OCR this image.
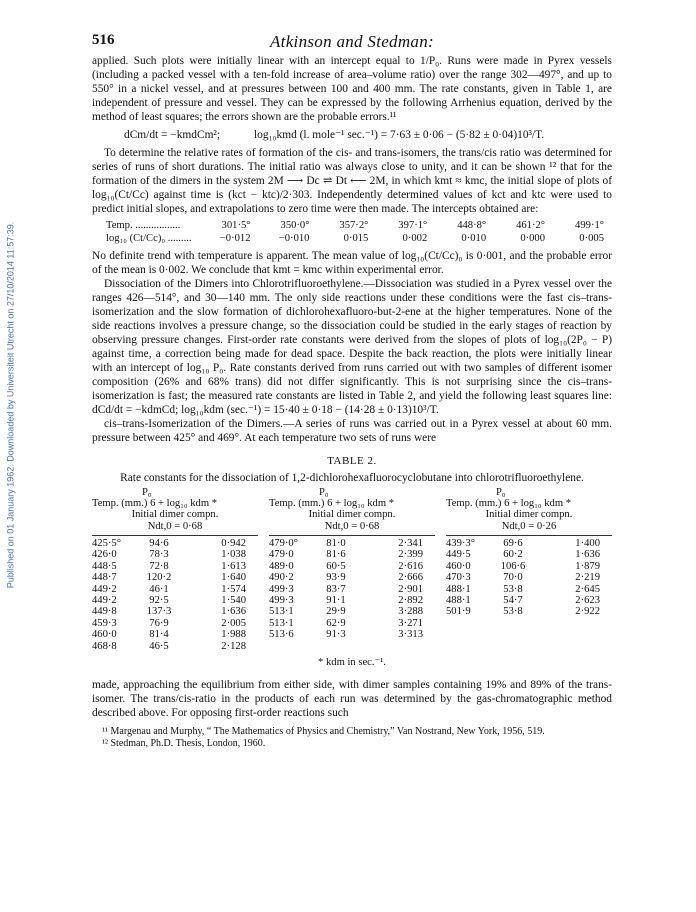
Published on 01 January 1962. Downloaded by Universiteit Utrecht on 27/10/2014 11:57:39.
516	Atkinson and Stedman:

applied. Such plots were initially linear with an intercept equal to 1/P₀. Runs were made in Pyrex vessels (including a packed vessel with a ten-fold increase of area–volume ratio) over the range 302—497°, and up to 550° in a nickel vessel, and at pressures between 100 and 400 mm. The rate constants, given in Table 1, are independent of pressure and vessel. They can be expressed by the following Arrhenius equation, derived by the method of least squares; the errors shown are the probable errors.¹¹

dCm/dt = −kmdCm²;	log₁₀kmd (l. mole⁻¹ sec.⁻¹) = 7·63 ± 0·06 − (5·82 ± 0·04)10³/T.

To determine the relative rates of formation of the cis- and trans-isomers, the trans/cis ratio was determined for series of runs of short durations. The initial ratio was always close to unity, and it can be shown ¹² that for the formation of the dimers in the system 2M ⟶ Dc ⇌ Dt ⟵ 2M, in which kmt ≈ kmc, the initial slope of plots of log₁₀(Ct/Cc) against time is (kct − ktc)/2·303. Independently determined values of kct and ktc were used to predict initial slopes, and extrapolations to zero time were then made. The intercepts obtained are:

Temp. .................	301·5°	350·0°	357·2°	397·1°	448·8°	461·2°	499·1°
log₁₀ (Ct/Cc)₀ .........	−0·012	−0·010	0·015	0·002	0·010	0·000	0·005

No definite trend with temperature is apparent. The mean value of log₁₀(Ct/Cc)₀ is 0·001, and the probable error of the mean is 0·002. We conclude that kmt = kmc within experimental error.

Dissociation of the Dimers into Chlorotrifluoroethylene.—Dissociation was studied in a Pyrex vessel over the ranges 426—514°, and 30—140 mm. The only side reactions under these conditions were the fast cis–trans-isomerization and the slow formation of dichlorohexafluoro-but-2-ene at the higher temperatures. None of the side reactions involves a pressure change, so the dissociation could be studied in the early stages of reaction by observing pressure changes. First-order rate constants were derived from the slopes of plots of log₁₀(2P₀ − P) against time, a correction being made for dead space. Despite the back reaction, the plots were initially linear with an intercept of log₁₀ P₀. Rate constants derived from runs carried out with two samples of different isomer composition (26% and 68% trans) did not differ significantly. This is not surprising since the cis–trans-isomerization is fast; the measured rate constants are listed in Table 2, and yield the following least squares line: dCd/dt = −kdmCd; log₁₀kdm (sec.⁻¹) = 15·40 ± 0·18 − (14·28 ± 0·13)10³/T.

cis–trans-Isomerization of the Dimers.—A series of runs was carried out in a Pyrex vessel at about 60 mm. pressure between 425° and 469°. At each temperature two sets of runs were

TABLE 2.
Rate constants for the dissociation of 1,2-dichlorohexafluorocyclobutane into chlorotrifluoroethylene.
P₀
Temp. (mm.) 6 + log₁₀ kdm *
Initial dimer compn.
Ndt,0 = 0·68
425·5°	94·6	0·942
426·0	78·3	1·038
448·5	72·8	1·613
448·7	120·2	1·640
449·2	46·1	1·574
449·2	92·5	1·540
449·8	137·3	1·636
459·3	76·9	2·005
460·0	81·4	1·988
468·8	46·5	2·128
P₀
Temp. (mm.) 6 + log₁₀ kdm *
Initial dimer compn.
Ndt,0 = 0·68
479·0°	81·0	2·341
479·0	81·6	2·399
489·0	60·5	2·616
490·2	93·9	2·666
499·3	83·7	2·901
499·3	91·1	2·892
513·1	29·9	3·288
513·1	62·9	3·271
513·6	91·3	3·313
P₀
Temp. (mm.) 6 + log₁₀ kdm *
Initial dimer compn.
Ndt,0 = 0·26
439·3°	69·6	1·400
449·5	60·2	1·636
460·0	106·6	1·879
470·3	70·0	2·219
488·1	53·8	2·645
488·1	54·7	2·623
501·9	53·8	2·922
* kdm in sec.⁻¹.

made, approaching the equilibrium from either side, with dimer samples containing 19% and 89% of the trans-isomer. The trans/cis-ratio in the products of each run was determined by the gas-chromatographic method described above. For opposing first-order reactions such

¹¹ Margenau and Murphy, “ The Mathematics of Physics and Chemistry,” Van Nostrand, New York, 1956, 519.
¹² Stedman, Ph.D. Thesis, London, 1960.
